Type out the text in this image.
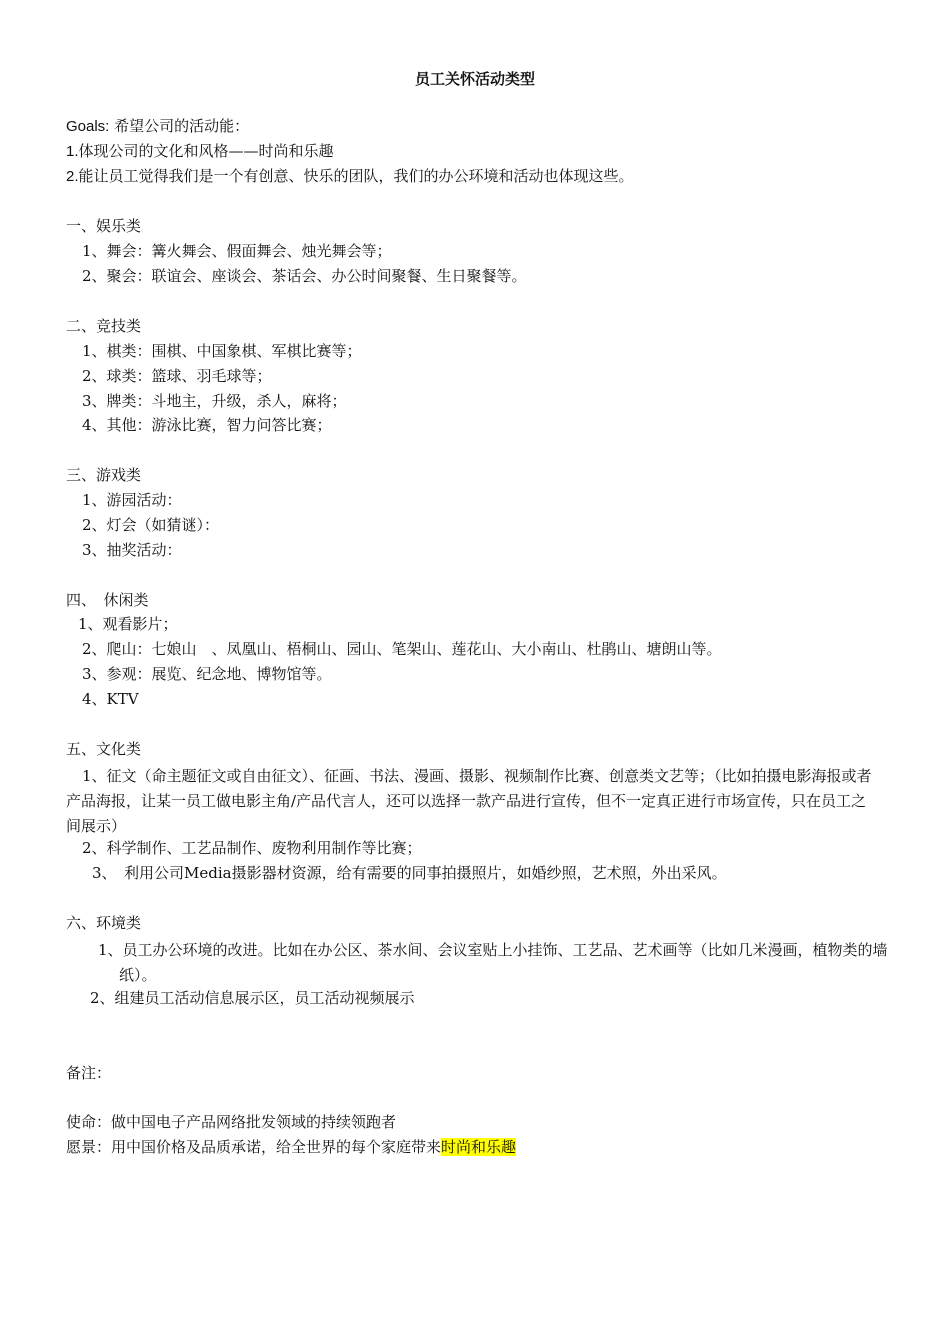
员工关怀活动类型
Goals: 希望公司的活动能：
1.体现公司的文化和风格——时尚和乐趣
2.能让员工觉得我们是一个有创意、快乐的团队，我们的办公环境和活动也体现这些。
一、娱乐类
1、舞会：篝火舞会、假面舞会、烛光舞会等；
2、聚会：联谊会、座谈会、茶话会、办公时间聚餐、生日聚餐等。
二、竞技类
1、棋类：围棋、中国象棋、军棋比赛等；
2、球类：篮球、羽毛球等；
3、牌类：斗地主，升级，杀人，麻将；
4、其他：游泳比赛，智力问答比赛；
三、游戏类
1、游园活动：
2、灯会（如猜谜）：
3、抽奖活动：
四、　休闲类
1、观看影片；
2、爬山：七娘山　、凤凰山、梧桐山、园山、笔架山、莲花山、大小南山、杜鹃山、塘朗山等。
3、参观：展览、纪念地、博物馆等。
4、KTV
五、文化类
1、征文（命主题征文或自由征文）、征画、书法、漫画、摄影、视频制作比赛、创意类文艺等；（比如拍摄电影海报或者产品海报，让某一员工做电影主角/产品代言人，还可以选择一款产品进行宣传，但不一定真正进行市场宣传，只在员工之间展示）
2、科学制作、工艺品制作、废物利用制作等比赛；
3、　利用公司Media摄影器材资源，给有需要的同事拍摄照片，如婚纱照，艺术照，外出采风。
六、环境类
1、员工办公环境的改进。比如在办公区、茶水间、会议室贴上小挂饰、工艺品、艺术画等（比如几米漫画，植物类的墙纸）。
2、组建员工活动信息展示区，员工活动视频展示
备注：
使命：做中国电子产品网络批发领域的持续领跑者
愿景：用中国价格及品质承诺，给全世界的每个家庭带来时尚和乐趣
